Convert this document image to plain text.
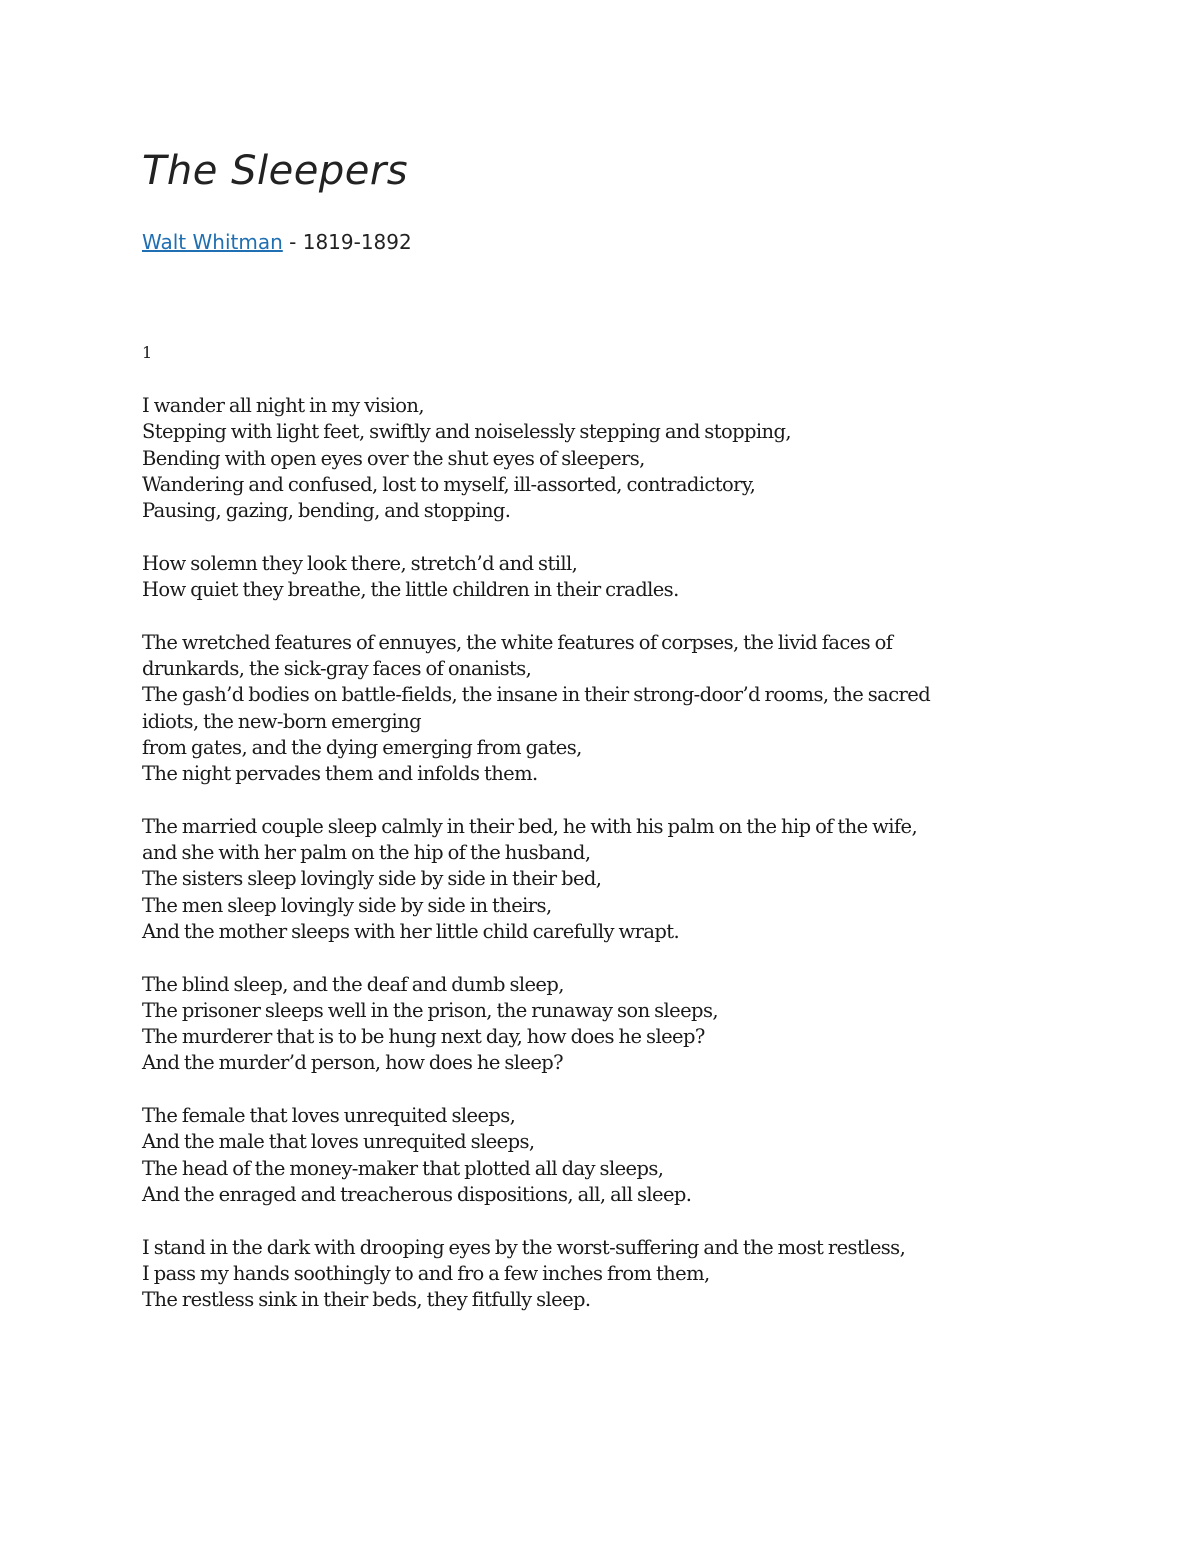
The Sleepers
Walt Whitman - 1819-1892
1
I wander all night in my vision,
Stepping with light feet, swiftly and noiselessly stepping and stopping,
Bending with open eyes over the shut eyes of sleepers,
Wandering and confused, lost to myself, ill-assorted, contradictory,
Pausing, gazing, bending, and stopping.
How solemn they look there, stretch’d and still,
How quiet they breathe, the little children in their cradles.
The wretched features of ennuyes, the white features of corpses, the livid faces of
drunkards, the sick-gray faces of onanists,
The gash’d bodies on battle-fields, the insane in their strong-door’d rooms, the sacred
idiots, the new-born emerging
from gates, and the dying emerging from gates,
The night pervades them and infolds them.
The married couple sleep calmly in their bed, he with his palm on the hip of the wife,
and she with her palm on the hip of the husband,
The sisters sleep lovingly side by side in their bed,
The men sleep lovingly side by side in theirs,
And the mother sleeps with her little child carefully wrapt.
The blind sleep, and the deaf and dumb sleep,
The prisoner sleeps well in the prison, the runaway son sleeps,
The murderer that is to be hung next day, how does he sleep?
And the murder’d person, how does he sleep?
The female that loves unrequited sleeps,
And the male that loves unrequited sleeps,
The head of the money-maker that plotted all day sleeps,
And the enraged and treacherous dispositions, all, all sleep.
I stand in the dark with drooping eyes by the worst-suffering and the most restless,
I pass my hands soothingly to and fro a few inches from them,
The restless sink in their beds, they fitfully sleep.
